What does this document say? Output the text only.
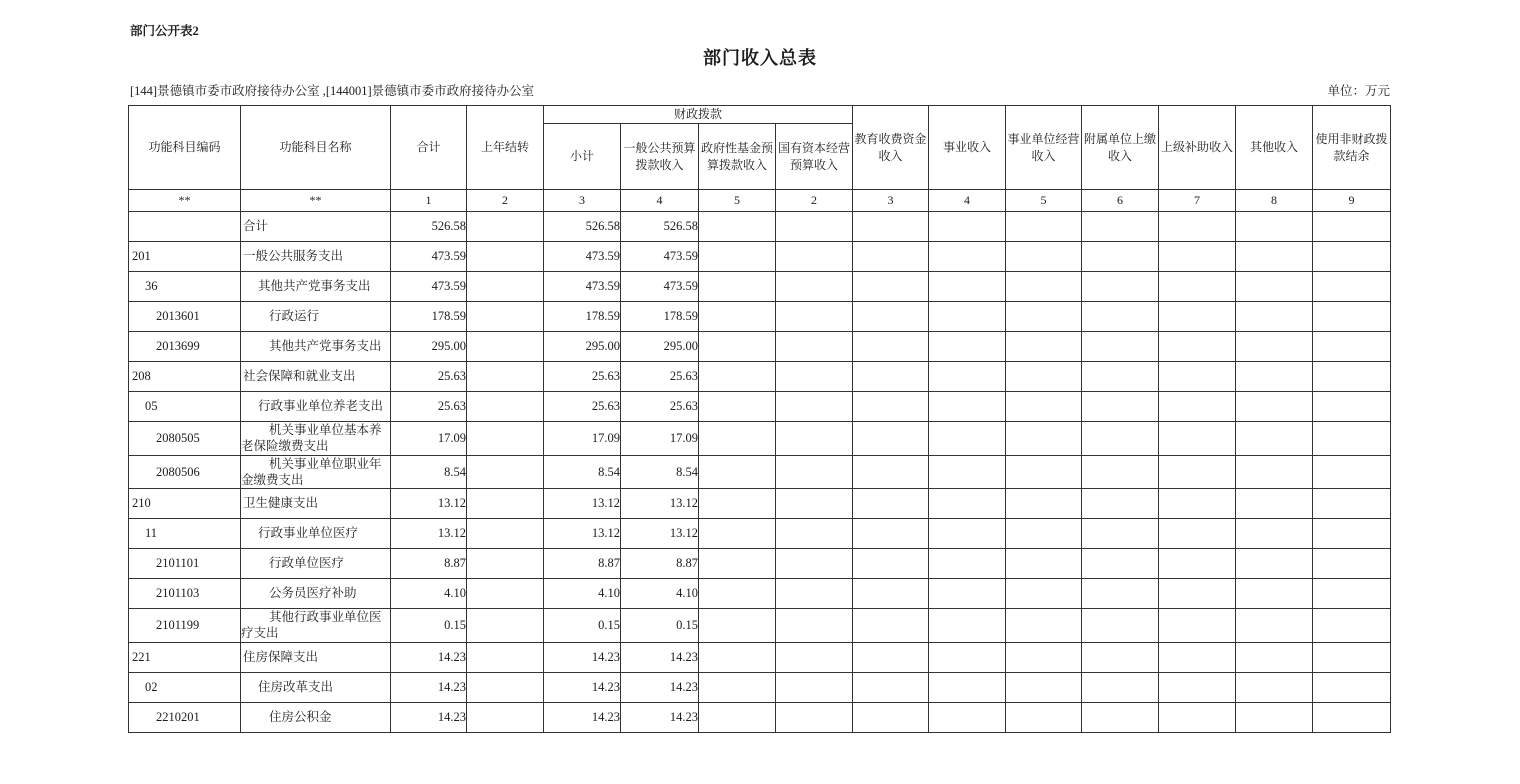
部门公开表2
部门收入总表
[144]景德镇市委市政府接待办公室 ,[144001]景德镇市委市政府接待办公室	单位：万元
功能科目编码	功能科目名称	合计	上年结转	财政拨款				教育收费资金收入	事业收入	事业单位经营收入	附属单位上缴收入	上级补助收入	其他收入	使用非财政拨款结余
				小计	一般公共预算拨款收入	政府性基金预算拨款收入	国有资本经营预算收入							
**	**	1	2	3	4	5	2	3	4	5	6	7	8	9
	合计	526.58		526.58	526.58									
201	一般公共服务支出	473.59		473.59	473.59									
36	其他共产党事务支出	473.59		473.59	473.59									
2013601	行政运行	178.59		178.59	178.59									
2013699	其他共产党事务支出	295.00		295.00	295.00									
208	社会保障和就业支出	25.63		25.63	25.63									
05	行政事业单位养老支出	25.63		25.63	25.63									
2080505	机关事业单位基本养老保险缴费支出	17.09		17.09	17.09									
2080506	机关事业单位职业年金缴费支出	8.54		8.54	8.54									
210	卫生健康支出	13.12		13.12	13.12									
11	行政事业单位医疗	13.12		13.12	13.12									
2101101	行政单位医疗	8.87		8.87	8.87									
2101103	公务员医疗补助	4.10		4.10	4.10									
2101199	其他行政事业单位医疗支出	0.15		0.15	0.15									
221	住房保障支出	14.23		14.23	14.23									
02	住房改革支出	14.23		14.23	14.23									
2210201	住房公积金	14.23		14.23	14.23									
